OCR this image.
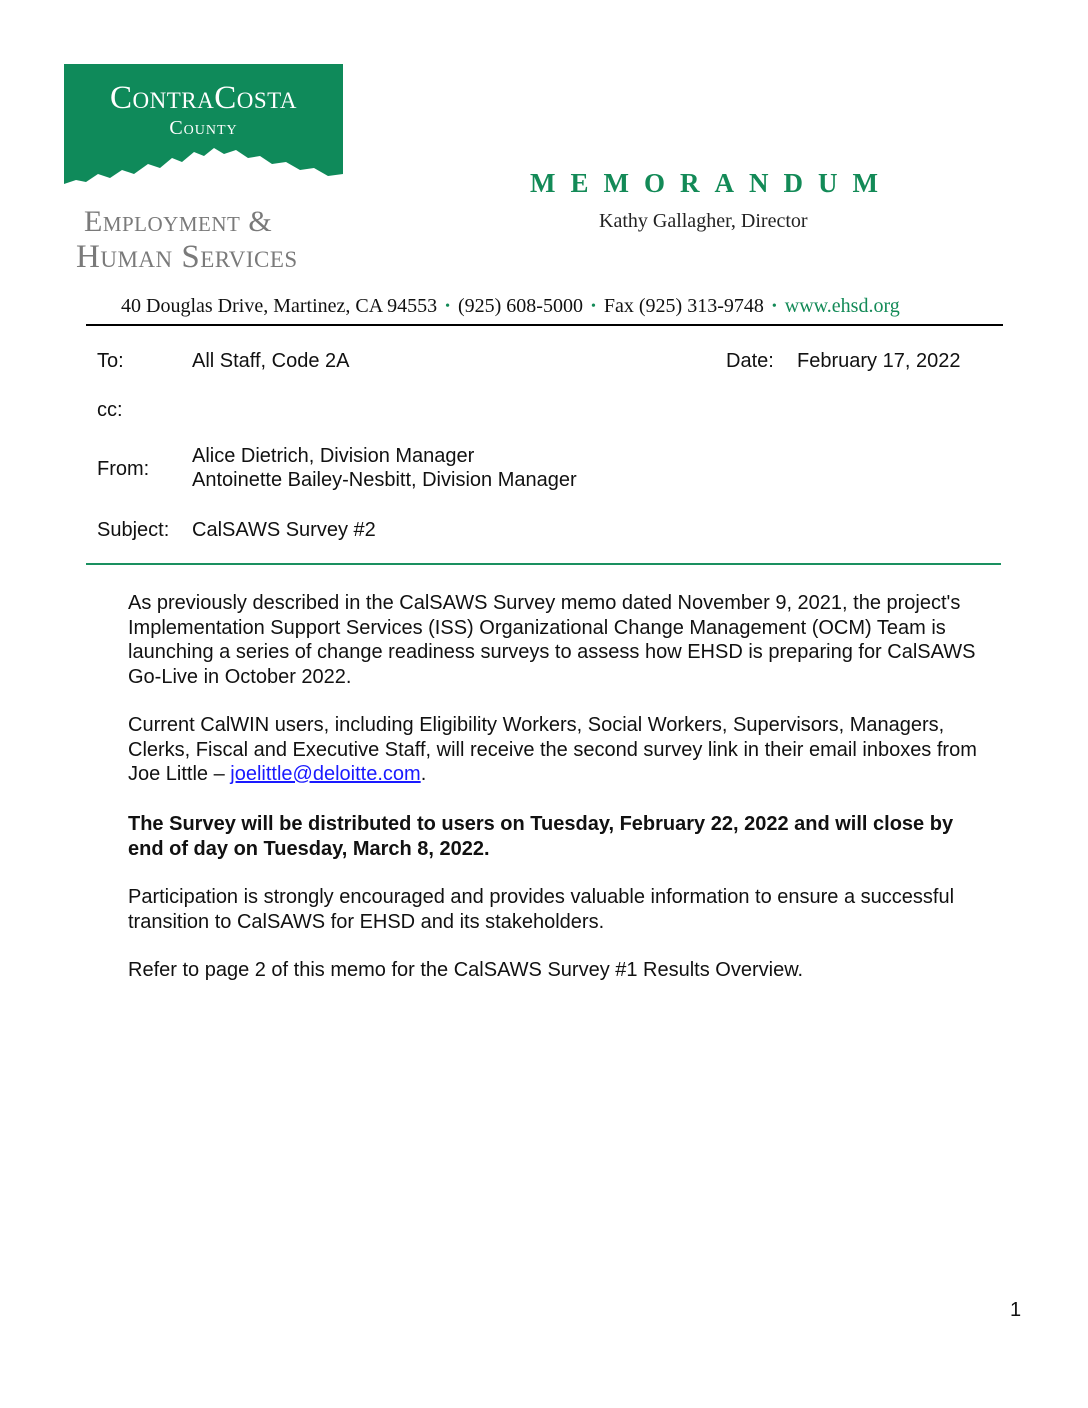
ContraCosta
County
Employment &
Human Services
MEMORANDUM
Kathy Gallagher, Director
40 Douglas Drive, Martinez, CA 94553 • (925) 608-5000 • Fax (925) 313-9748 • www.ehsd.org
To:	All Staff, Code 2A	Date: February 17, 2022
cc:
From:
Alice Dietrich, Division Manager
Antoinette Bailey-Nesbitt, Division Manager
Subject: CalSAWS Survey #2
As previously described in the CalSAWS Survey memo dated November 9, 2021, the project's Implementation Support Services (ISS) Organizational Change Management (OCM) Team is launching a series of change readiness surveys to assess how EHSD is preparing for CalSAWS Go-Live in October 2022.
Current CalWIN users, including Eligibility Workers, Social Workers, Supervisors, Managers, Clerks, Fiscal and Executive Staff, will receive the second survey link in their email inboxes from Joe Little – joelittle@deloitte.com.
The Survey will be distributed to users on Tuesday, February 22, 2022 and will close by end of day on Tuesday, March 8, 2022.
Participation is strongly encouraged and provides valuable information to ensure a successful transition to CalSAWS for EHSD and its stakeholders.
Refer to page 2 of this memo for the CalSAWS Survey #1 Results Overview.
1
